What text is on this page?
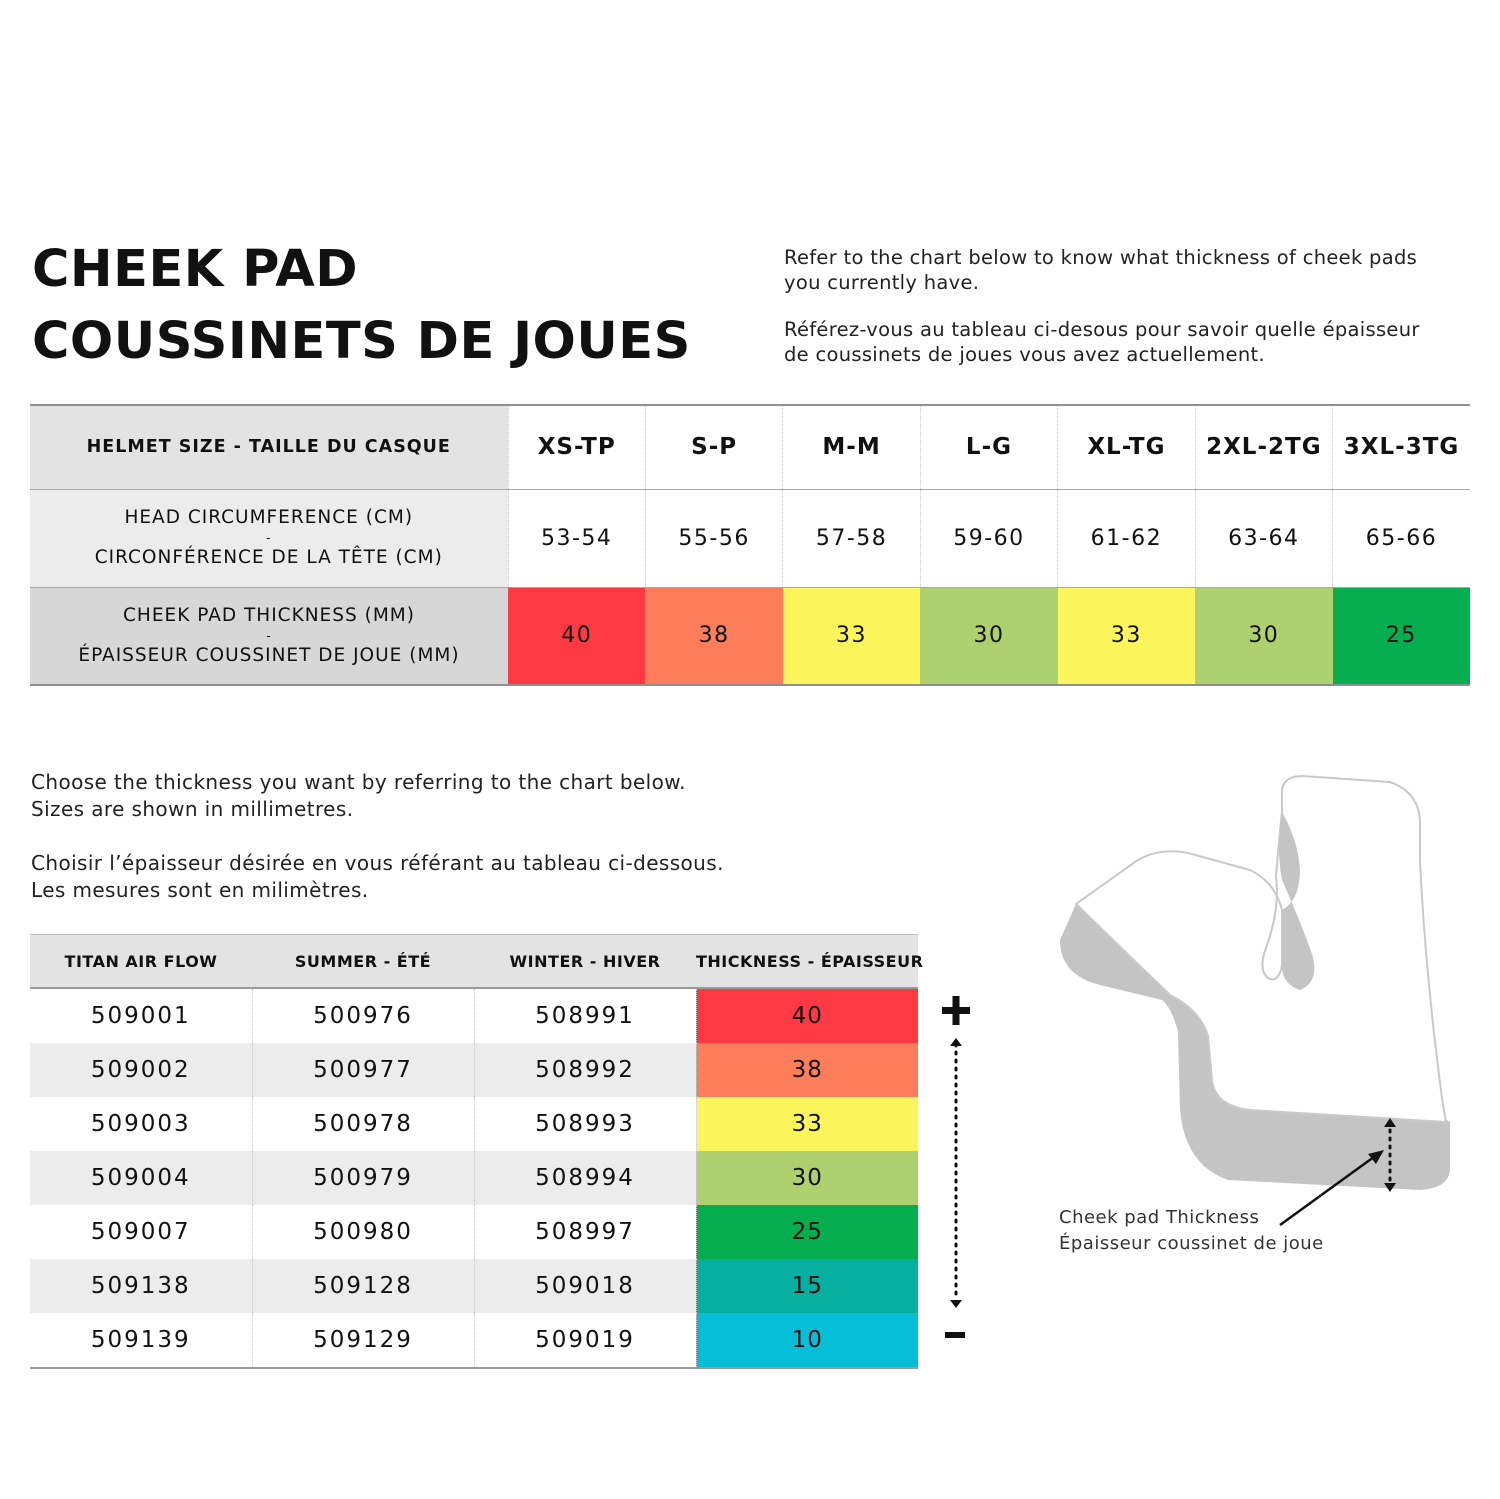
CHEEK PAD
COUSSINETS DE JOUES

Refer to the chart below to know what thickness of cheek pads
you currently have.

Référez-vous au tableau ci-desous pour savoir quelle épaisseur
de coussinets de joues vous avez actuellement.

HELMET SIZE - TAILLE DU CASQUE	XS-TP	S-P	M-M	L-G	XL-TG	2XL-2TG	3XL-3TG
HEAD CIRCUMFERENCE (CM)
-
CIRCONFÉRENCE DE LA TÊTE (CM)	53-54	55-56	57-58	59-60	61-62	63-64	65-66
CHEEK PAD THICKNESS (MM)
-
ÉPAISSEUR COUSSINET DE JOUE (MM)	40	38	33	30	33	30	25

Choose the thickness you want by referring to the chart below.
Sizes are shown in millimetres.

Choisir l’épaisseur désirée en vous référant au tableau ci-dessous.
Les mesures sont en milimètres.

TITAN AIR FLOW	SUMMER - ÉTÉ	WINTER - HIVER	THICKNESS - ÉPAISSEUR
509001	500976	508991	40
509002	500977	508992	38
509003	500978	508993	33
509004	500979	508994	30
509007	500980	508997	25
509138	509128	509018	15
509139	509129	509019	10

Cheek pad Thickness

Épaisseur coussinet de joue
